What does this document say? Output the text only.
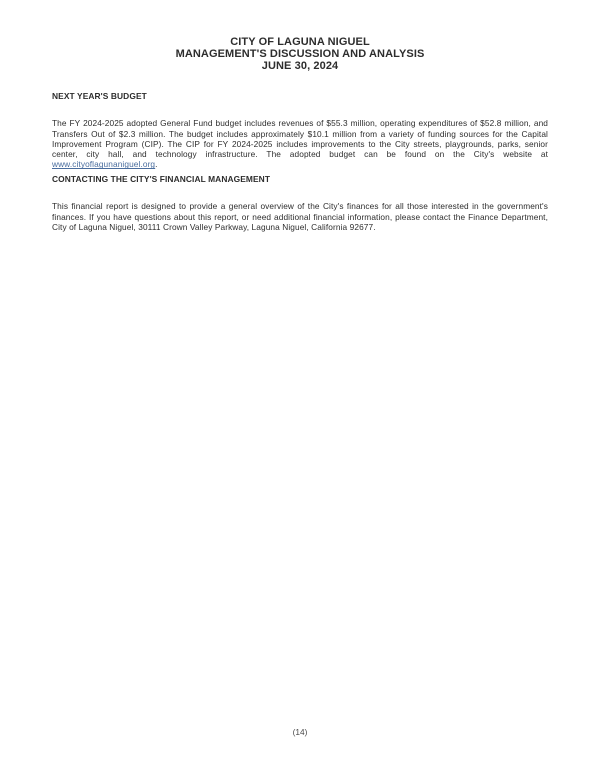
CITY OF LAGUNA NIGUEL
MANAGEMENT'S DISCUSSION AND ANALYSIS
JUNE 30, 2024
NEXT YEAR'S BUDGET

The FY 2024-2025 adopted General Fund budget includes revenues of $55.3 million, operating expenditures of $52.8 million, and Transfers Out of $2.3 million. The budget includes approximately $10.1 million from a variety of funding sources for the Capital Improvement Program (CIP). The CIP for FY 2024-2025 includes improvements to the City streets, playgrounds, parks, senior center, city hall, and technology infrastructure. The adopted budget can be found on the City's website at www.cityoflagunaniguel.org.

CONTACTING THE CITY'S FINANCIAL MANAGEMENT

This financial report is designed to provide a general overview of the City's finances for all those interested in the government's finances. If you have questions about this report, or need additional financial information, please contact the Finance Department, City of Laguna Niguel, 30111 Crown Valley Parkway, Laguna Niguel, California 92677.

(14)
